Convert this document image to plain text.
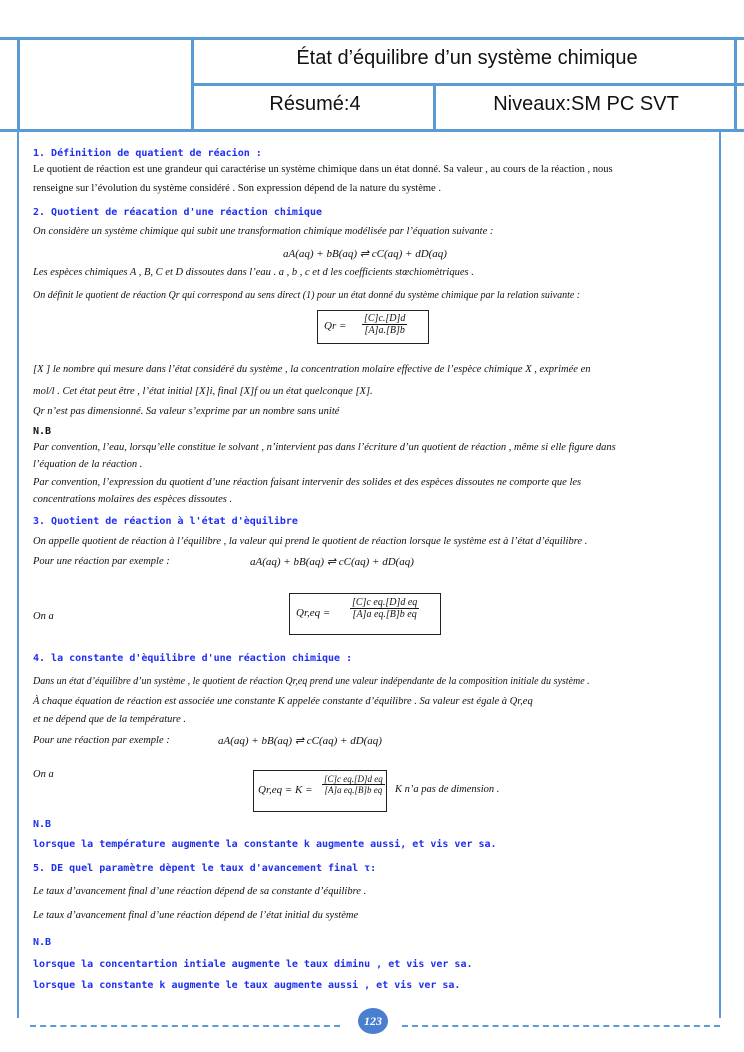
État d’équilibre d’un système chimique
Résumé:4	Niveaux:SM PC SVT
1. Définition de quatient de réacion :
Le quotient de réaction est une grandeur qui caractérise un système chimique dans un état donné. Sa valeur , au cours de la réaction , nous
renseigne sur l’évolution du système considéré . Son expression dépend de la nature du système .
2. Quotient de réacation d'une réaction chimique
On considère un système chimique qui subit une transformation chimique modélisée par l’équation suivante :
aA(aq) + bB(aq) ⇌ cC(aq) + dD(aq)
Les espèces chimiques A , B, C et D dissoutes dans l’eau . a , b , c et d les coefficients stœchiomètriques .
On définit le quotient de réaction Qr qui correspond au sens direct (1) pour un état donné du système chimique par la relation suivante :
$Qr = \frac{[C]c.[D]d}{[A]a.[B]b}$
[X ] le nombre qui mesure dans l’état considéré du système , la concentration molaire effective de l’espèce chimique X , exprimée en
mol/l . Cet état peut être , l’état initial [X]i, final [X]f ou un état quelconque [X].
Qr n’est pas dimensionné. Sa valeur s’exprime par un nombre sans unité
N.B
Par convention, l’eau, lorsqu’elle constitue le solvant , n’intervient pas dans l’écriture d’un quotient de réaction , même si elle figure dans
l’équation de la réaction .
Par convention, l’expression du quotient d’une réaction faisant intervenir des solides et des espèces dissoutes ne comporte que les
concentrations molaires des espèces dissoutes .
3. Quotient de réaction à l'état d'èquilibre
On appelle quotient de réaction à l’équilibre , la valeur qui prend le quotient de réaction lorsque le système est à l’état d’équilibre .
Pour une réaction par exemple :	aA(aq) + bB(aq) ⇌ cC(aq) + dD(aq)
On a	$Qr,eq = \frac{\text{[C]c eq.[D]d eq}}{\text{[A]a eq.[B]b eq}}$
4. la constante d'èquilibre d'une réaction chimique :
Dans un état d’équilibre d’un système , le quotient de réaction Qr,eq prend une valeur indépendante de la composition initiale du système .
À chaque équation de réaction est associée une constante K appelée constante d’équilibre . Sa valeur est égale à Qr,eq
et ne dépend que de la température .
Pour une réaction par exemple :	aA(aq) + bB(aq) ⇌ cC(aq) + dD(aq)
On a
$Qr,eq = K = \frac{\text{[C]c eq.[D]d eq}}{\text{[A]a eq.[B]b eq}}$ K n’a pas de dimension .
N.B
lorsque la température augmente la constante k augmente aussi, et vis ver sa.
5. DE quel paramètre dèpent le taux d'avancement final τ:
Le taux d’avancement final d’une réaction dépend de sa constante d’équilibre .
Le taux d’avancement final d’une réaction dépend de l’état initial du système
N.B
lorsque la concentartion intiale augmente le taux diminu , et vis ver sa.
lorsque la constante k augmente le taux augmente aussi , et vis ver sa.
123
